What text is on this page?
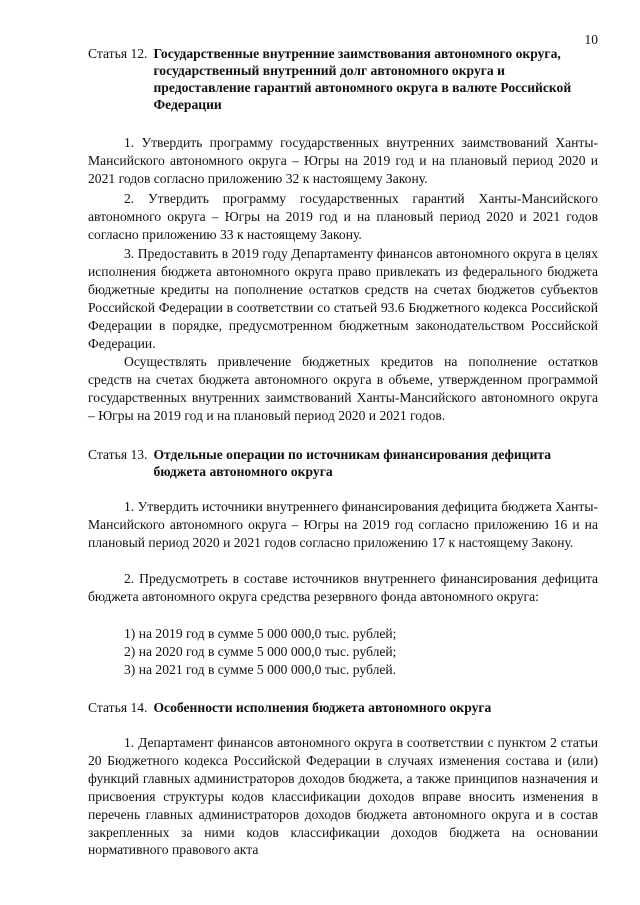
10
Статья 12. Государственные внутренние заимствования автономного округа, государственный внутренний долг автономного округа и предоставление гарантий автономного округа в валюте Российской Федерации

1. Утвердить программу государственных внутренних заимствований Ханты-Мансийского автономного округа – Югры на 2019 год и на плановый период 2020 и 2021 годов согласно приложению 32 к настоящему Закону.

2. Утвердить программу государственных гарантий Ханты-Мансийского автономного округа – Югры на 2019 год и на плановый период 2020 и 2021 годов согласно приложению 33 к настоящему Закону.

3. Предоставить в 2019 году Департаменту финансов автономного округа в целях исполнения бюджета автономного округа право привлекать из федерального бюджета бюджетные кредиты на пополнение остатков средств на счетах бюджетов субъектов Российской Федерации в соответствии со статьей 93.6 Бюджетного кодекса Российской Федерации в порядке, предусмотренном бюджетным законодательством Российской Федерации.

Осуществлять привлечение бюджетных кредитов на пополнение остатков средств на счетах бюджета автономного округа в объеме, утвержденном программой государственных внутренних заимствований Ханты-Мансийского автономного округа – Югры на 2019 год и на плановый период 2020 и 2021 годов.

Статья 13. Отдельные операции по источникам финансирования дефицита бюджета автономного округа

1. Утвердить источники внутреннего финансирования дефицита бюджета Ханты-Мансийского автономного округа – Югры на 2019 год согласно приложению 16 и на плановый период 2020 и 2021 годов согласно приложению 17 к настоящему Закону.

2. Предусмотреть в составе источников внутреннего финансирования дефицита бюджета автономного округа средства резервного фонда автономного округа:

1) на 2019 год в сумме 5 000 000,0 тыс. рублей;
2) на 2020 год в сумме 5 000 000,0 тыс. рублей;
3) на 2021 год в сумме 5 000 000,0 тыс. рублей.
Статья 14. Особенности исполнения бюджета автономного округа

1. Департамент финансов автономного округа в соответствии с пунктом 2 статьи 20 Бюджетного кодекса Российской Федерации в случаях изменения состава и (или) функций главных администраторов доходов бюджета, а также принципов назначения и присвоения структуры кодов классификации доходов вправе вносить изменения в перечень главных администраторов доходов бюджета автономного округа и в состав закрепленных за ними кодов классификации доходов бюджета на основании нормативного правового акта
